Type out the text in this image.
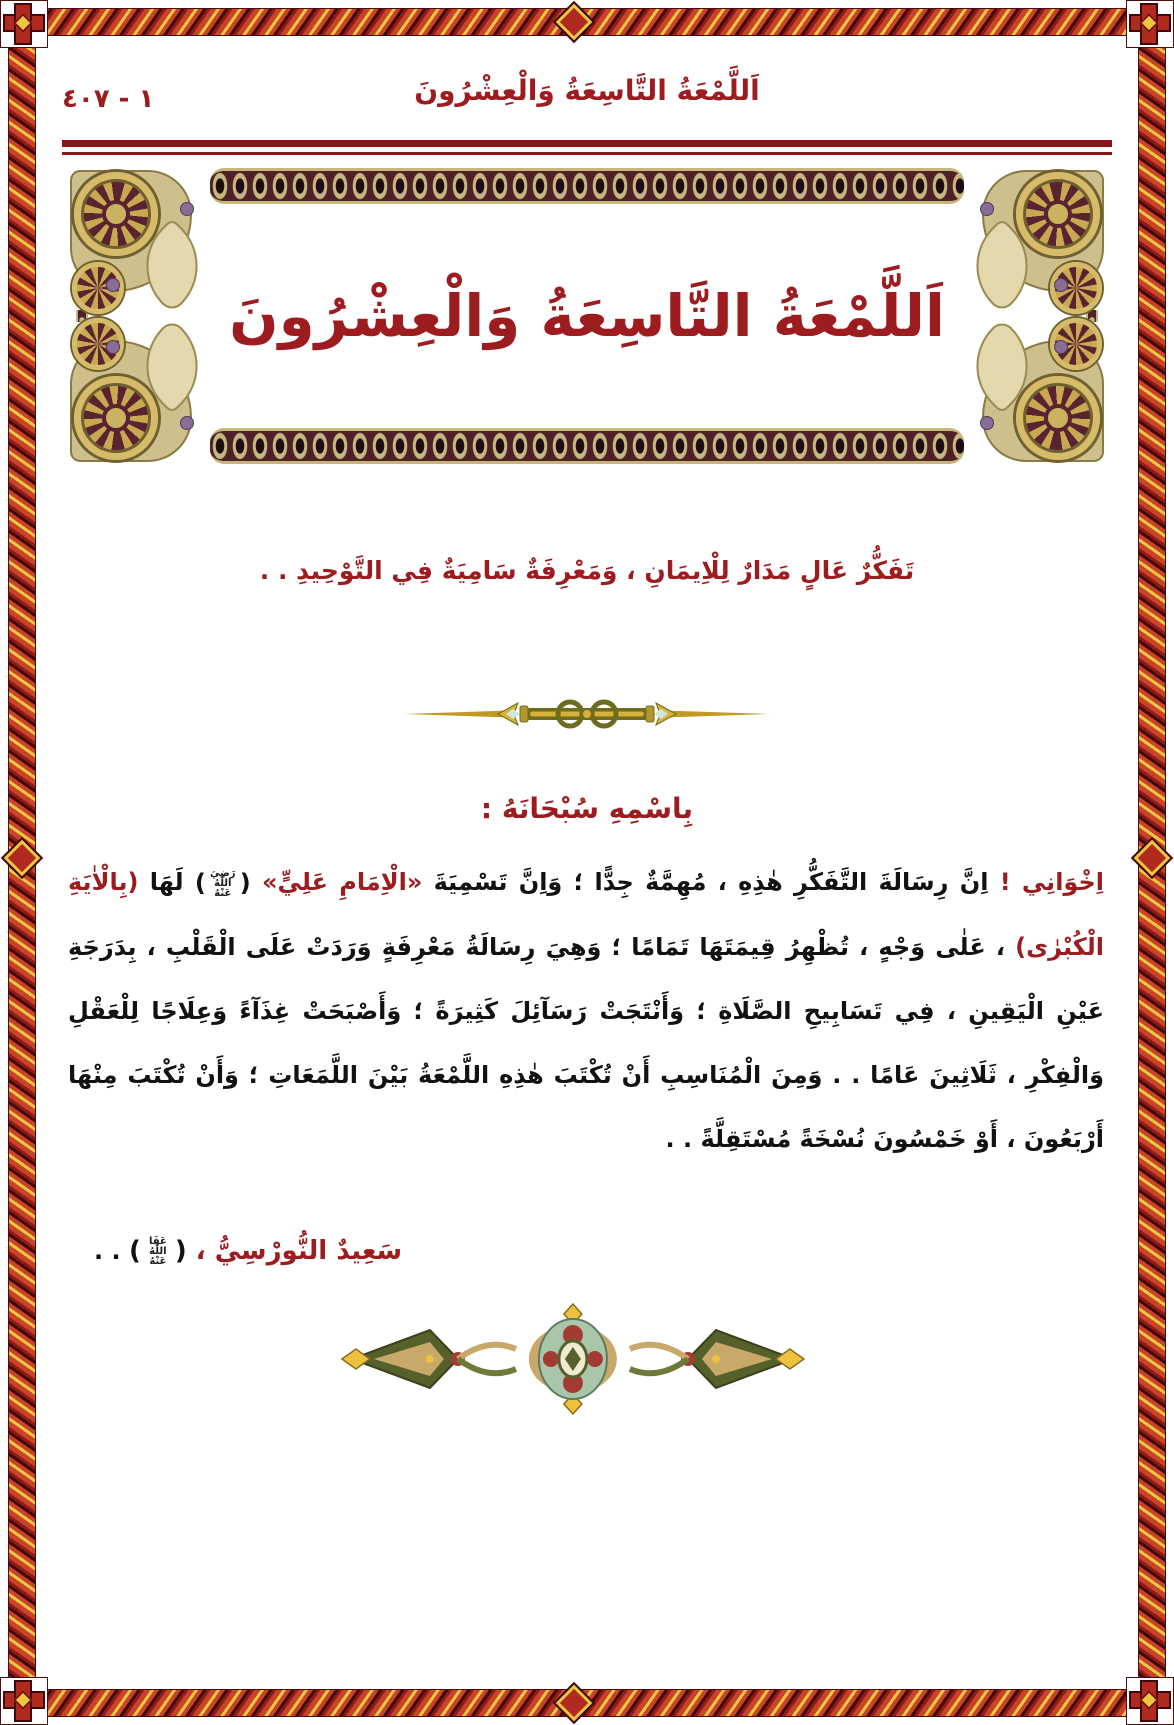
١ - ٤٠٧	اَللَّمْعَةُ التَّاسِعَةُ وَالْعِشْرُونَ
اَللَّمْعَةُ التَّاسِعَةُ وَالْعِشْرُونَ
تَفَكُّرٌ عَالٍ مَدَارٌ لِلْاِيمَانِ ، وَمَعْرِفَةٌ سَامِيَةٌ فِي التَّوْحِيدِ . .
بِاسْمِهِ سُبْحَانَهُ :
اِخْوَانِي ! اِنَّ رِسَالَةَ التَّفَكُّرِ هٰذِهِ ، مُهِمَّةٌ جِدًّا ؛ وَاِنَّ تَسْمِيَةَ «الْاِمَامِ عَلِيٍّ» (رَضِيَ اللّٰهُ عَنْهُ) لَهَا (بِالْاٰيَةِ الْكُبْرٰى) ، عَلٰى وَجْهٍ ، تُظْهِرُ قِيمَتَهَا تَمَامًا ؛ وَهِيَ رِسَالَةُ مَعْرِفَةٍ وَرَدَتْ عَلَى الْقَلْبِ ، بِدَرَجَةِ عَيْنِ الْيَقِينِ ، فِي تَسَابِيحِ الصَّلَاةِ ؛ وَأَنْتَجَتْ رَسَآئِلَ كَثِيرَةً ؛ وَأَصْبَحَتْ غِذَآءً وَعِلَاجًا لِلْعَقْلِ وَالْفِكْرِ ، ثَلَاثِينَ عَامًا . . وَمِنَ الْمُنَاسِبِ أَنْ تُكْتَبَ هٰذِهِ اللَّمْعَةُ بَيْنَ اللَّمَعَاتِ ؛ وَأَنْ تُكْتَبَ مِنْهَا أَرْبَعُونَ ، أَوْ خَمْسُونَ نُسْخَةً مُسْتَقِلَّةً . .
سَعِيدٌ النُّورْسِيُّ ، (عَفَا اللّٰهُ عَنْهُ) . .
